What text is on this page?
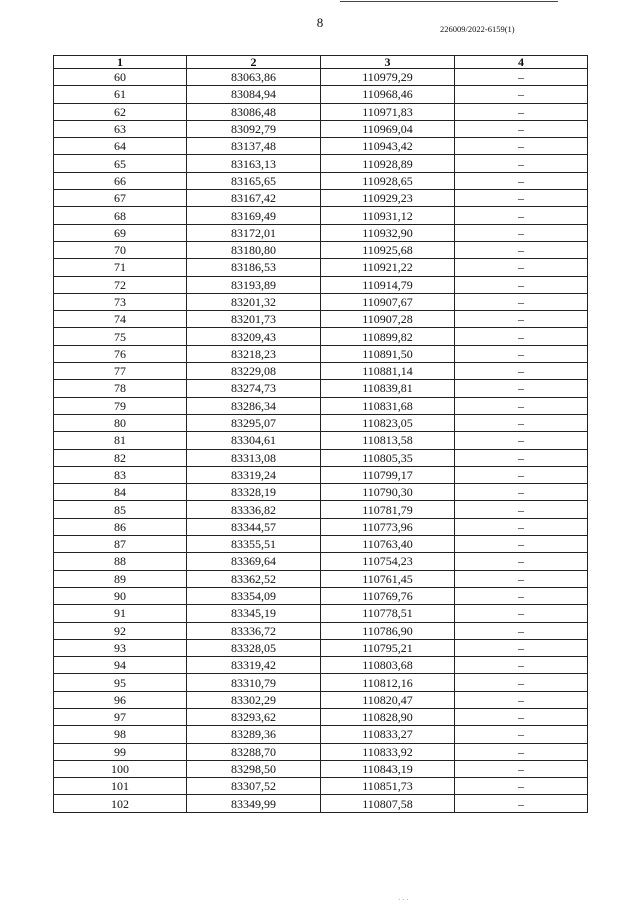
8	226009/2022-6159(1)
1	2	3	4
60	83063,86	110979,29	–
61	83084,94	110968,46	–
62	83086,48	110971,83	–
63	83092,79	110969,04	–
64	83137,48	110943,42	–
65	83163,13	110928,89	–
66	83165,65	110928,65	–
67	83167,42	110929,23	–
68	83169,49	110931,12	–
69	83172,01	110932,90	–
70	83180,80	110925,68	–
71	83186,53	110921,22	–
72	83193,89	110914,79	–
73	83201,32	110907,67	–
74	83201,73	110907,28	–
75	83209,43	110899,82	–
76	83218,23	110891,50	–
77	83229,08	110881,14	–
78	83274,73	110839,81	–
79	83286,34	110831,68	–
80	83295,07	110823,05	–
81	83304,61	110813,58	–
82	83313,08	110805,35	–
83	83319,24	110799,17	–
84	83328,19	110790,30	–
85	83336,82	110781,79	–
86	83344,57	110773,96	–
87	83355,51	110763,40	–
88	83369,64	110754,23	–
89	83362,52	110761,45	–
90	83354,09	110769,76	–
91	83345,19	110778,51	–
92	83336,72	110786,90	–
93	83328,05	110795,21	–
94	83319,42	110803,68	–
95	83310,79	110812,16	–
96	83302,29	110820,47	–
97	83293,62	110828,90	–
98	83289,36	110833,27	–
99	83288,70	110833,92	–
100	83298,50	110843,19	–
101	83307,52	110851,73	–
102	83349,99	110807,58	–
· · ·
